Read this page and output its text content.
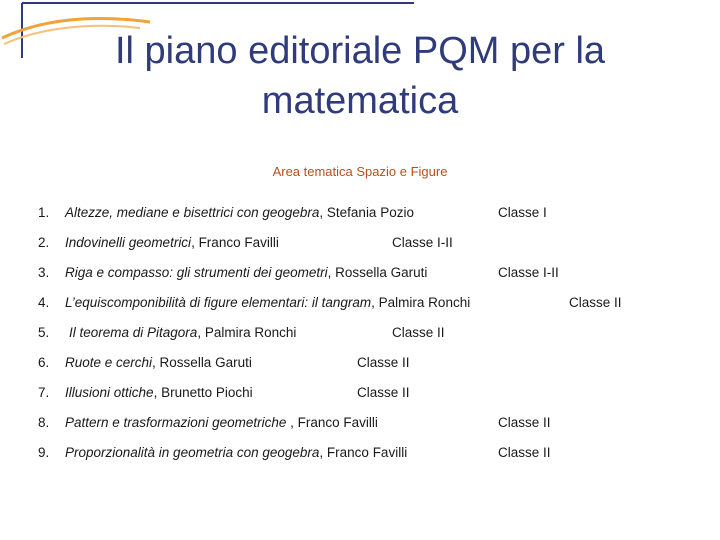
Il piano editoriale PQM per la matematica
Area tematica Spazio e Figure
1. Altezze, mediane e bisettrici con geogebra, Stefania Pozio	Classe I
2. Indovinelli geometrici, Franco Favilli	Classe I-II
3. Riga e compasso: gli strumenti dei geometri, Rossella Garuti	Classe I-II
4. L’equiscomponibilità di figure elementari: il tangram, Palmira Ronchi	Classe II
5. Il teorema di Pitagora, Palmira Ronchi	Classe II
6. Ruote e cerchi, Rossella Garuti	Classe II
7. Illusioni ottiche, Brunetto Piochi	Classe II
8. Pattern e trasformazioni geometriche , Franco Favilli	Classe II
9. Proporzionalità in geometria con geogebra, Franco Favilli	Classe II
